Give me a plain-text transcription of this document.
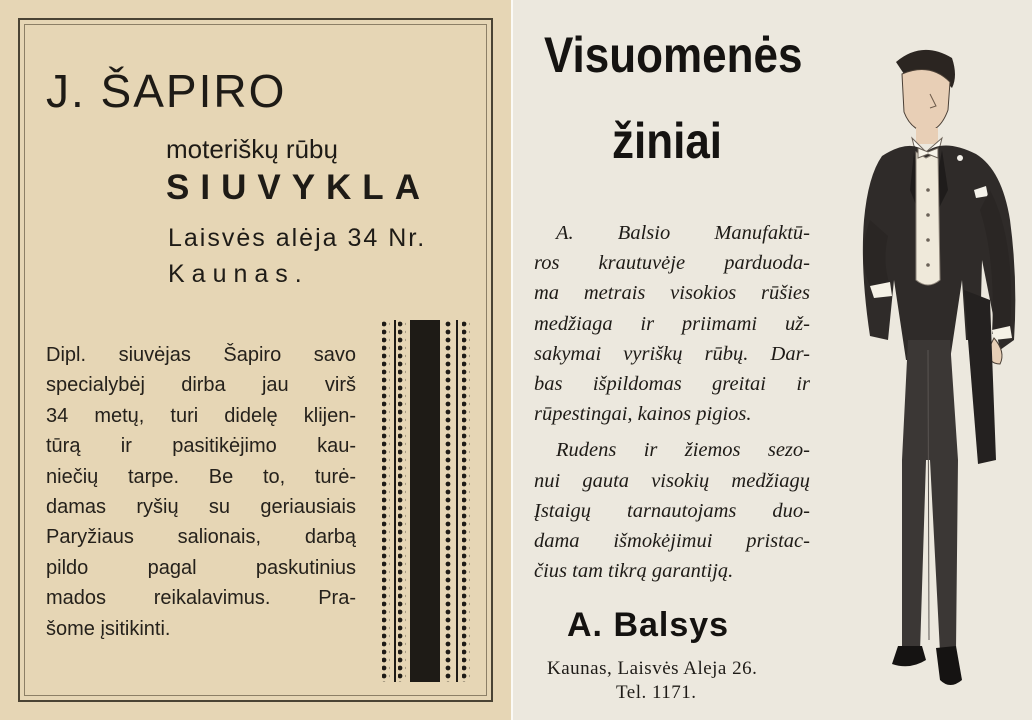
J. ŠAPIRO
moteriškų rūbų
SIUVYKLA
Laisvės alėja 34 Nr.
Kaunas.
Dipl. siuvėjas Šapiro savo
specialybėj dirba jau virš
34 metų, turi didelę klijen-
tūrą ir pasitikėjimo kau-
niečių tarpe. Be to, turė-
damas ryšių su geriausiais
Paryžiaus salionais, darbą
pildo pagal paskutinius
mados reikalavimus. Pra-
šome įsitikinti.
Visuomenės
žiniai
A. Balsio Manufaktū-
ros krautuvėje parduoda-
ma metrais visokios rūšies
medžiaga ir priimami už-
sakymai vyriškų rūbų. Dar-
bas išpildomas greitai ir
rūpestingai, kainos pigios.
Rudens ir žiemos sezo-
nui gauta visokių medžiagų
Įstaigų tarnautojams duo-
dama išmokėjimui pristac-
čius tam tikrą garantiją.
A. Balsys
Kaunas, Laisvės Aleja 26.
Tel. 1171.
